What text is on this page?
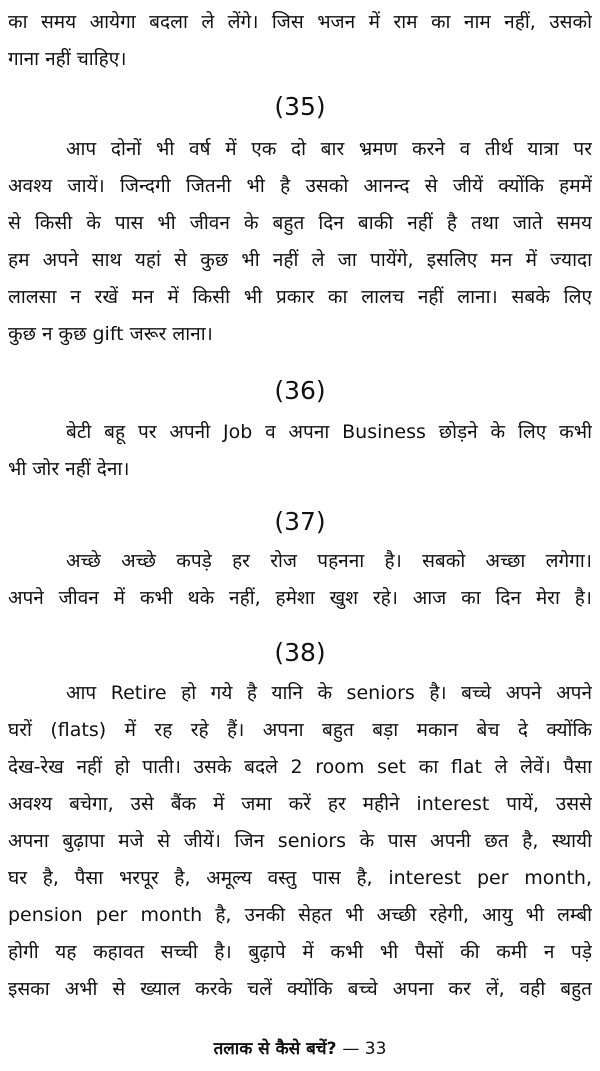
का समय आयेगा बदला ले लेंगे। जिस भजन में राम का नाम नहीं, उसको
गाना नहीं चाहिए।
(35)
आप दोनों भी वर्ष में एक दो बार भ्रमण करने व तीर्थ यात्रा पर
अवश्य जायें। जिन्दगी जितनी भी है उसको आनन्द से जीयें क्योंकि हममें
से किसी के पास भी जीवन के बहुत दिन बाकी नहीं है तथा जाते समय
हम अपने साथ यहां से कुछ भी नहीं ले जा पायेंगे, इसलिए मन में ज्यादा
लालसा न रखें मन में किसी भी प्रकार का लालच नहीं लाना। सबके लिए
कुछ न कुछ gift जरूर लाना।
(36)
बेटी बहू पर अपनी Job व अपना Business छोड़ने के लिए कभी
भी जोर नहीं देना।
(37)
अच्छे अच्छे कपड़े हर रोज पहनना है। सबको अच्छा लगेगा।
अपने जीवन में कभी थके नहीं, हमेशा खुश रहे। आज का दिन मेरा है।
(38)
आप Retire हो गये है यानि के seniors है। बच्चे अपने अपने
घरों (flats) में रह रहे हैं। अपना बहुत बड़ा मकान बेच दे क्योंकि
देख-रेख नहीं हो पाती। उसके बदले 2 room set का flat ले लेवें। पैसा
अवश्य बचेगा, उसे बैंक में जमा करें हर महीने interest पायें, उससे
अपना बुढ़ापा मजे से जीयें। जिन seniors के पास अपनी छत है, स्थायी
घर है, पैसा भरपूर है, अमूल्य वस्तु पास है, interest per month,
pension per month है, उनकी सेहत भी अच्छी रहेगी, आयु भी लम्बी
होगी यह कहावत सच्ची है। बुढ़ापे में कभी भी पैसों की कमी न पड़े
इसका अभी से ख्याल करके चलें क्योंकि बच्चे अपना कर लें, वही बहुत
तलाक से कैसे बचें? — 33
